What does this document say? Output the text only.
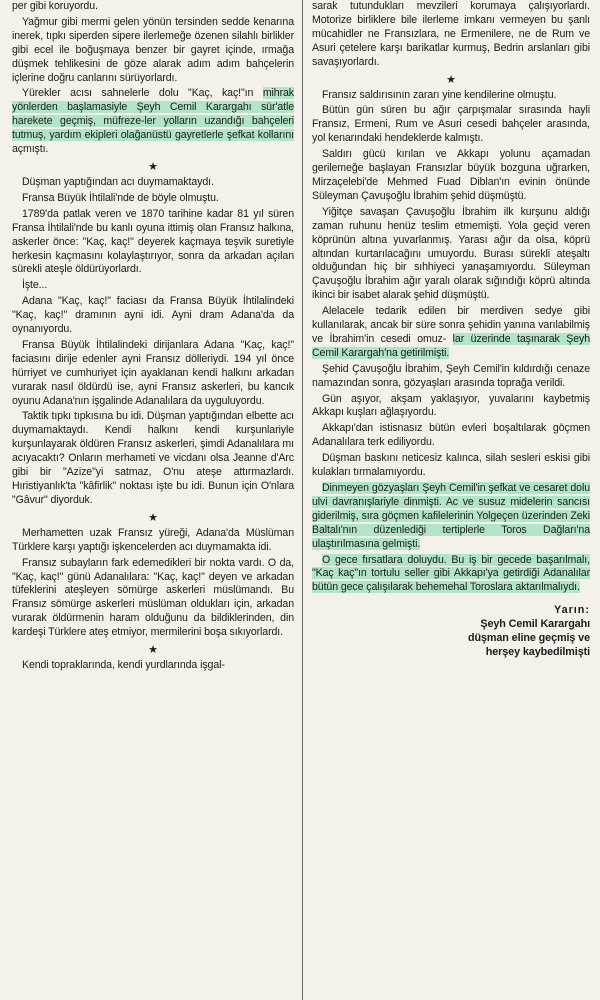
per gibi koruyordu.

Yağmur gibi mermi gelen yönün tersinden sedde kenarına inerek, tıpkı siperden sipere ilerlemeğe özenen silahlı birlikler gibi ecel ile boğuşmaya benzer bir gayret içinde, ırmağa düşmek tehlikesini de göze alarak adım adım bahçelerin içlerine doğru canlarını sürüyorlardı.

Yürekler acısı sahnelerle dolu "Kaç, kaç!"ın mihrak yönlerden başlamasiyle Şeyh Cemil Karargahı sür'atle harekete geçmiş, müfreze-ler yolların uzandığı bahçeleri tutmuş, yardım ekipleri olağanüstü gayretlerle şefkat kollarını açmıştı.

★

Düşman yaptığından acı duymamaktaydı.

Fransa Büyük İhtilali'nde de böyle olmuştu.

1789'da patlak veren ve 1870 tarihine kadar 81 yıl süren Fransa İhtilali'nde bu kanlı oyuna ittimiş olan Fransız halkına, askerler önce: "Kaç, kaç!" deyerek kaçmaya teşvik suretiyle herkesin kaçmasını kolaylaştırıyor, sonra da arkadan açılan sürekli ateşle öldürüyorlardı.

İşte...

Adana "Kaç, kaç!" faciası da Fransa Büyük İhtilalindeki "Kaç, kaç!" dramının ayni idi. Ayni dram Adana'da da oynanıyordu.

Fransa Büyük İhtilalindeki dirijanlara Adana "Kaç, kaç!" faciasını dirije edenler ayni Fransız dölleriydi. 194 yıl önce hürriyet ve cumhuriyet için ayaklanan kendi halkını arkadan vurarak nasıl öldürdü ise, ayni Fransız askerleri, bu kancık oyunu Adana'nın işgalinde Adanalılara da uyguluyordu.

Taktik tıpkı tıpkısına bu idi. Düşman yaptığından elbette acı duymamaktaydı. Kendi halkını kendi kurşunlariyle kurşunlayarak öldüren Fransız askerleri, şimdi Adanalılara mı acıyacaktı? Onların merhameti ve vicdanı olsa Jeanne d'Arc gibi bir "Azize"yi satmaz, O'nu ateşe attırmazlardı. Hıristiyanlık'ta "kâfirlik" noktası işte bu idi. Bunun için O'nlara "Gâvur" diyorduk.

★

Merhametten uzak Fransız yüreği, Adana'da Müslüman Türklere karşı yaptığı işkencelerden acı duymamakta idi.

Fransız subayların fark edemedikleri bir nokta vardı. O da, "Kaç, kaç!" günü Adanalılara: "Kaç, kaç!" deyen ve arkadan tüfeklerini ateşleyen sömürge askerleri müslümandı. Bu Fransız sömürge askerleri müslüman oldukları için, arkadan vurarak öldürmenin haram olduğunu da bildiklerinden, din kardeşi Türklere ateş etmiyor, mermilerini boşa sıkıyorlardı.

★

Kendi topraklarında, kendi yurdlarında işgal-

sarak tutundukları mevzileri korumaya çalışıyorlardı. Motorize birliklere bile ilerleme imkanı vermeyen bu şanlı mücahidler ne Fransızlara, ne Ermenilere, ne de Rum ve Asuri çetelere karşı barikatlar kurmuş, Bedrin arslanları gibi savaşıyorlardı.

★

Fransız saldırısının zararı yine kendilerine olmuştu.

Bütün gün süren bu ağır çarpışmalar sırasında hayli Fransız, Ermeni, Rum ve Asuri cesedi bahçeler arasında, yol kenarındaki hendeklerde kalmıştı.

Saldırı gücü kırılan ve Akkapı yolunu açamadan gerilemeğe başlayan Fransızlar büyük bozguna uğrarken, Mirzaçelebi'de Mehmed Fuad Diblan'ın evinin önünde Süleyman Çavuşoğlu İbrahim şehid düşmüştü.

Yiğitçe savaşan Çavuşoğlu İbrahim ilk kurşunu aldığı zaman ruhunu henüz teslim etmemişti. Yola geçid veren köprünün altına yuvarlanmış. Yarası ağır da olsa, köprü altından kurtarılacağını umuyordu. Burası sürekli ateşaltı olduğundan hiç bir sıhhiyeci yanaşamıyordu. Süleyman Çavuşoğlu İbrahim ağır yaralı olarak sığındığı köprü altında ikinci bir isabet alarak şehid düşmüştü.

Alelacele tedarik edilen bir merdiven sedye gibi kullanılarak, ancak bir süre sonra şehidin yanına varılabilmiş ve İbrahim'in cesedi omuz- lar üzerinde taşınarak Şeyh Cemil Karargah'na getirilmişti.

Şehid Çavuşoğlu İbrahim, Şeyh Cemil'in kıldırdığı cenaze namazından sonra, gözyaşları arasında toprağa verildi.

Gün aşıyor, akşam yaklaşıyor, yuvalarını kaybetmiş Akkapı kuşları ağlaşıyordu.

Akkapı'dan istisnasız bütün evleri boşaltılarak göçmen Adanalılara terk ediliyordu.

Düşman baskını neticesiz kalınca, silah sesleri eskisi gibi kulakları tırmalamıyordu.

Dinmeyen gözyaşları Şeyh Cemil'in şefkat ve cesaret dolu ulvi davranışlariyle dinmişti. Ac ve susuz midelerin sancısı giderilmiş, sıra göçmen kafilelerinin Yolgeçen üzerinden Zeki Baltalı'nın düzenlediği tertiplerle Toros Dağları'na ulaştırılmasına gelmişti.

O gece fırsatlara doluydu. Bu iş bir gecede başarılmalı, "Kaç kaç"ın tortulu seller gibi Akkapı'ya getirdiği Adanalılar bütün gece çalışılarak behemehal Toroslara aktarılmalıydı.

Yarın:
Şeyh Cemil Karargahı
düşman eline geçmiş ve
herşey kaybedilmişti
